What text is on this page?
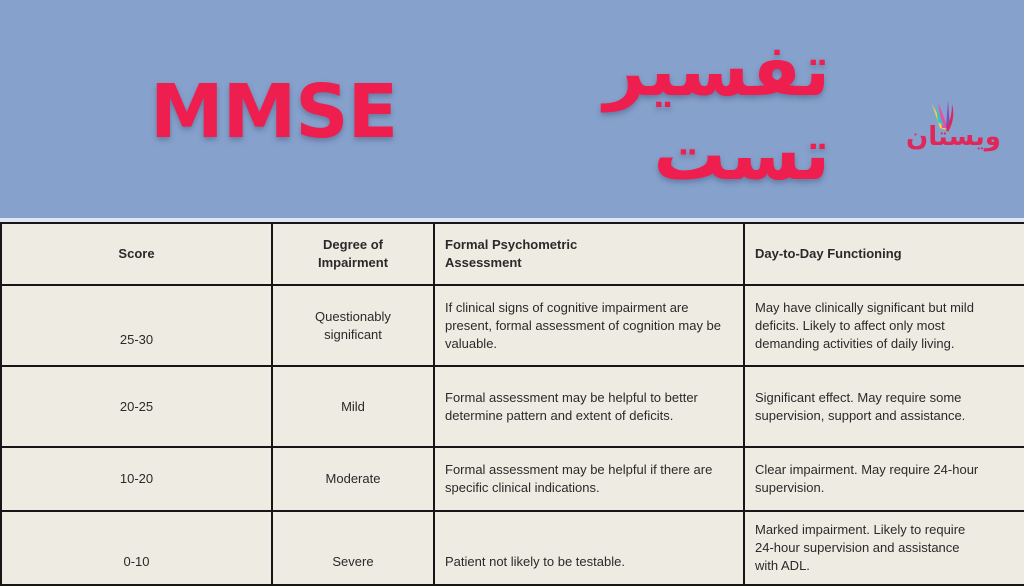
MMSE	تفسیر تست	ویستان
Score	Degree of Impairment	Formal Psychometric Assessment	Day-to-Day Functioning

25-30	Questionably significant	If clinical signs of cognitive impairment are present, formal assessment of cognition may be valuable.	May have clinically significant but mild deficits. Likely to affect only most demanding activities of daily living.
20-25	Mild	Formal assessment may be helpful to better determine pattern and extent of deficits.	Significant effect. May require some supervision, support and assistance.
10-20	Moderate	Formal assessment may be helpful if there are specific clinical indications.	Clear impairment. May require 24-hour supervision.

0-10	Severe	Patient not likely to be testable.	Marked impairment. Likely to require 24-hour supervision and assistance with ADL.
